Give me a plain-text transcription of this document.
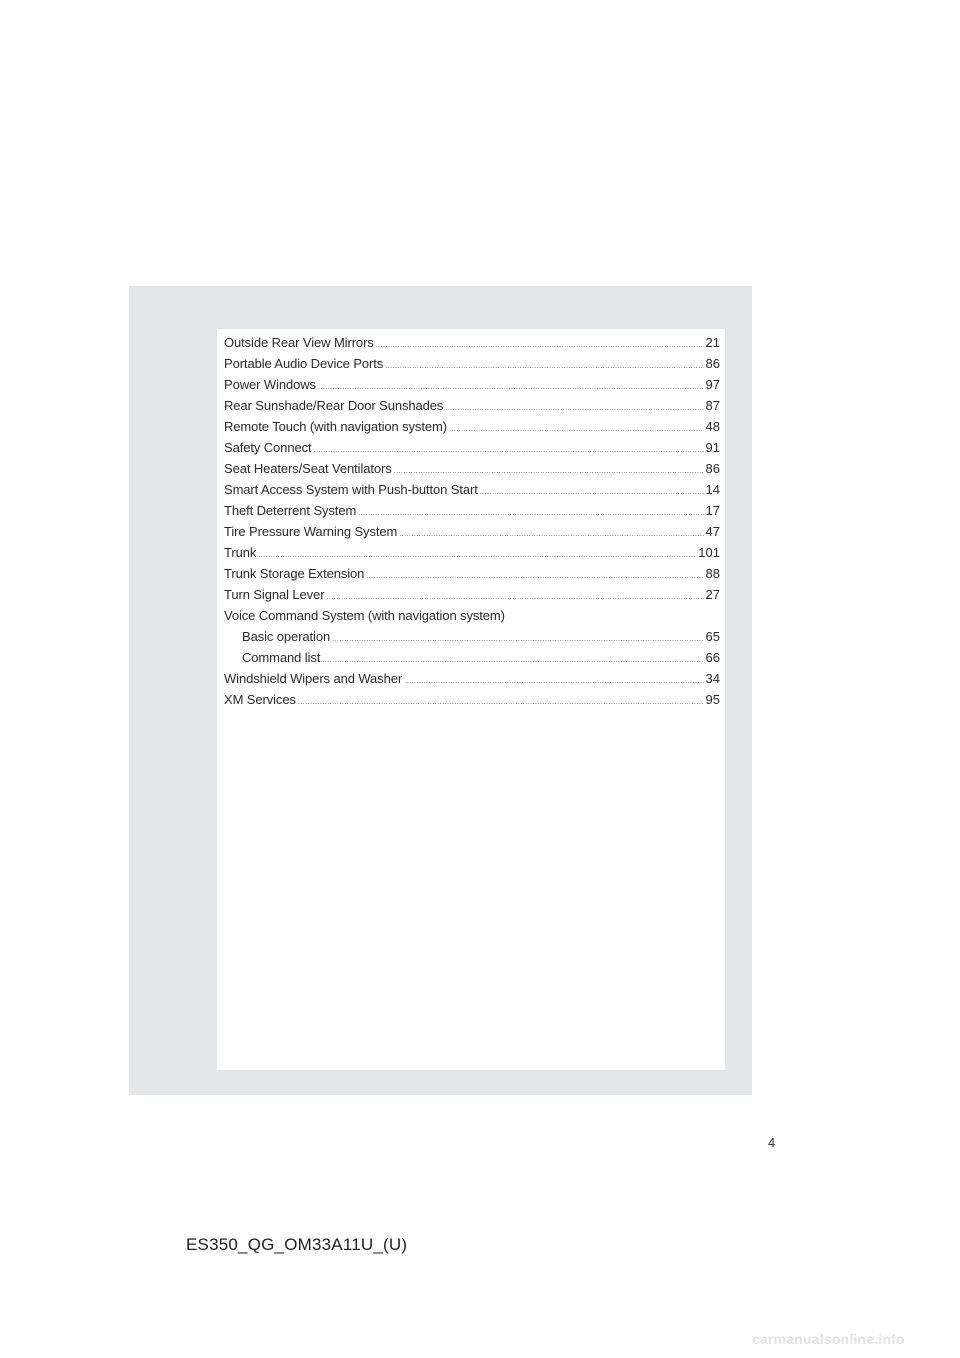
Outside Rear View Mirrors .....	21
Portable Audio Device Ports .....	86
Power Windows .....	97
Rear Sunshade/Rear Door Sunshades .....	87
Remote Touch (with navigation system) .....	48
Safety Connect .....	91
Seat Heaters/Seat Ventilators .....	86
Smart Access System with Push-button Start .....	14
Theft Deterrent System .....	17
Tire Pressure Warning System .....	47
Trunk .....	101
Trunk Storage Extension .....	88
Turn Signal Lever .....	27
Voice Command System (with navigation system)
Basic operation .....	65
Command list .....	66
Windshield Wipers and Washer .....	34
XM Services .....	95
4
ES350_QG_OM33A11U_(U)
carmanualsonline.info
